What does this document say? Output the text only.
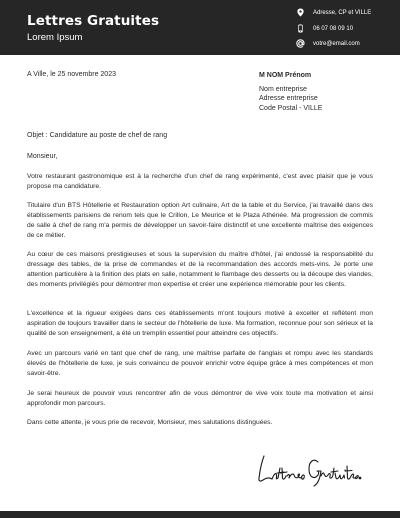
Lettres Gratuites
Lorem Ipsum
Adresse, CP et VILLE
06 07 08 09 10
votre@email.com
A Ville, le 25 novembre 2023	M NOM Prénom
Nom entreprise
Adresse entreprise
Code Postal - VILLE
Objet : Candidature au poste de chef de rang
Monsieur,

Votre restaurant gastronomique est à la recherche d'un chef de rang expérimenté, c'est avec plaisir que je vous propose ma candidature.

Titulaire d'un BTS Hôtellerie et Restauration option Art culinaire, Art de la table et du Service, j'ai travaillé dans des établissements parisiens de renom tels que le Crillon, Le Meurice et le Plaza Athénée. Ma progression de commis de salle à chef de rang m'a permis de développer un savoir-faire distinctif et une excellente maîtrise des exigences de ce métier.

Au cœur de ces maisons prestigieuses et sous la supervision du maître d'hôtel, j'ai endossé la responsabilité du dressage des tables, de la prise de commandes et de la recommandation des accords mets-vins. Je porte une attention particulière à la finition des plats en salle, notamment le flambage des desserts ou la découpe des viandes, des moments privilégiés pour démontrer mon expertise et créer une expérience mémorable pour les clients.

L'excellence et la rigueur exigées dans ces établissements m'ont toujours motivé à exceller et reflètent mon aspiration de toujours travailler dans le secteur de l'hôtellerie de luxe. Ma formation, reconnue pour son sérieux et la qualité de son enseignement, a été un tremplin essentiel pour atteindre ces objectifs.

Avec un parcours varié en tant que chef de rang, une maîtrise parfaite de l'anglais et rompu avec les standards élevés de l'hôtellerie de luxe, je suis convaincu de pouvoir enrichir votre équipe grâce à mes compétences et mon savoir-être.

Je serai heureux de pouvoir vous rencontrer afin de vous démontrer de vive voix toute ma motivation et ainsi approfondir mon parcours.

Dans cette attente, je vous prie de recevoir, Monsieur, mes salutations distinguées.
